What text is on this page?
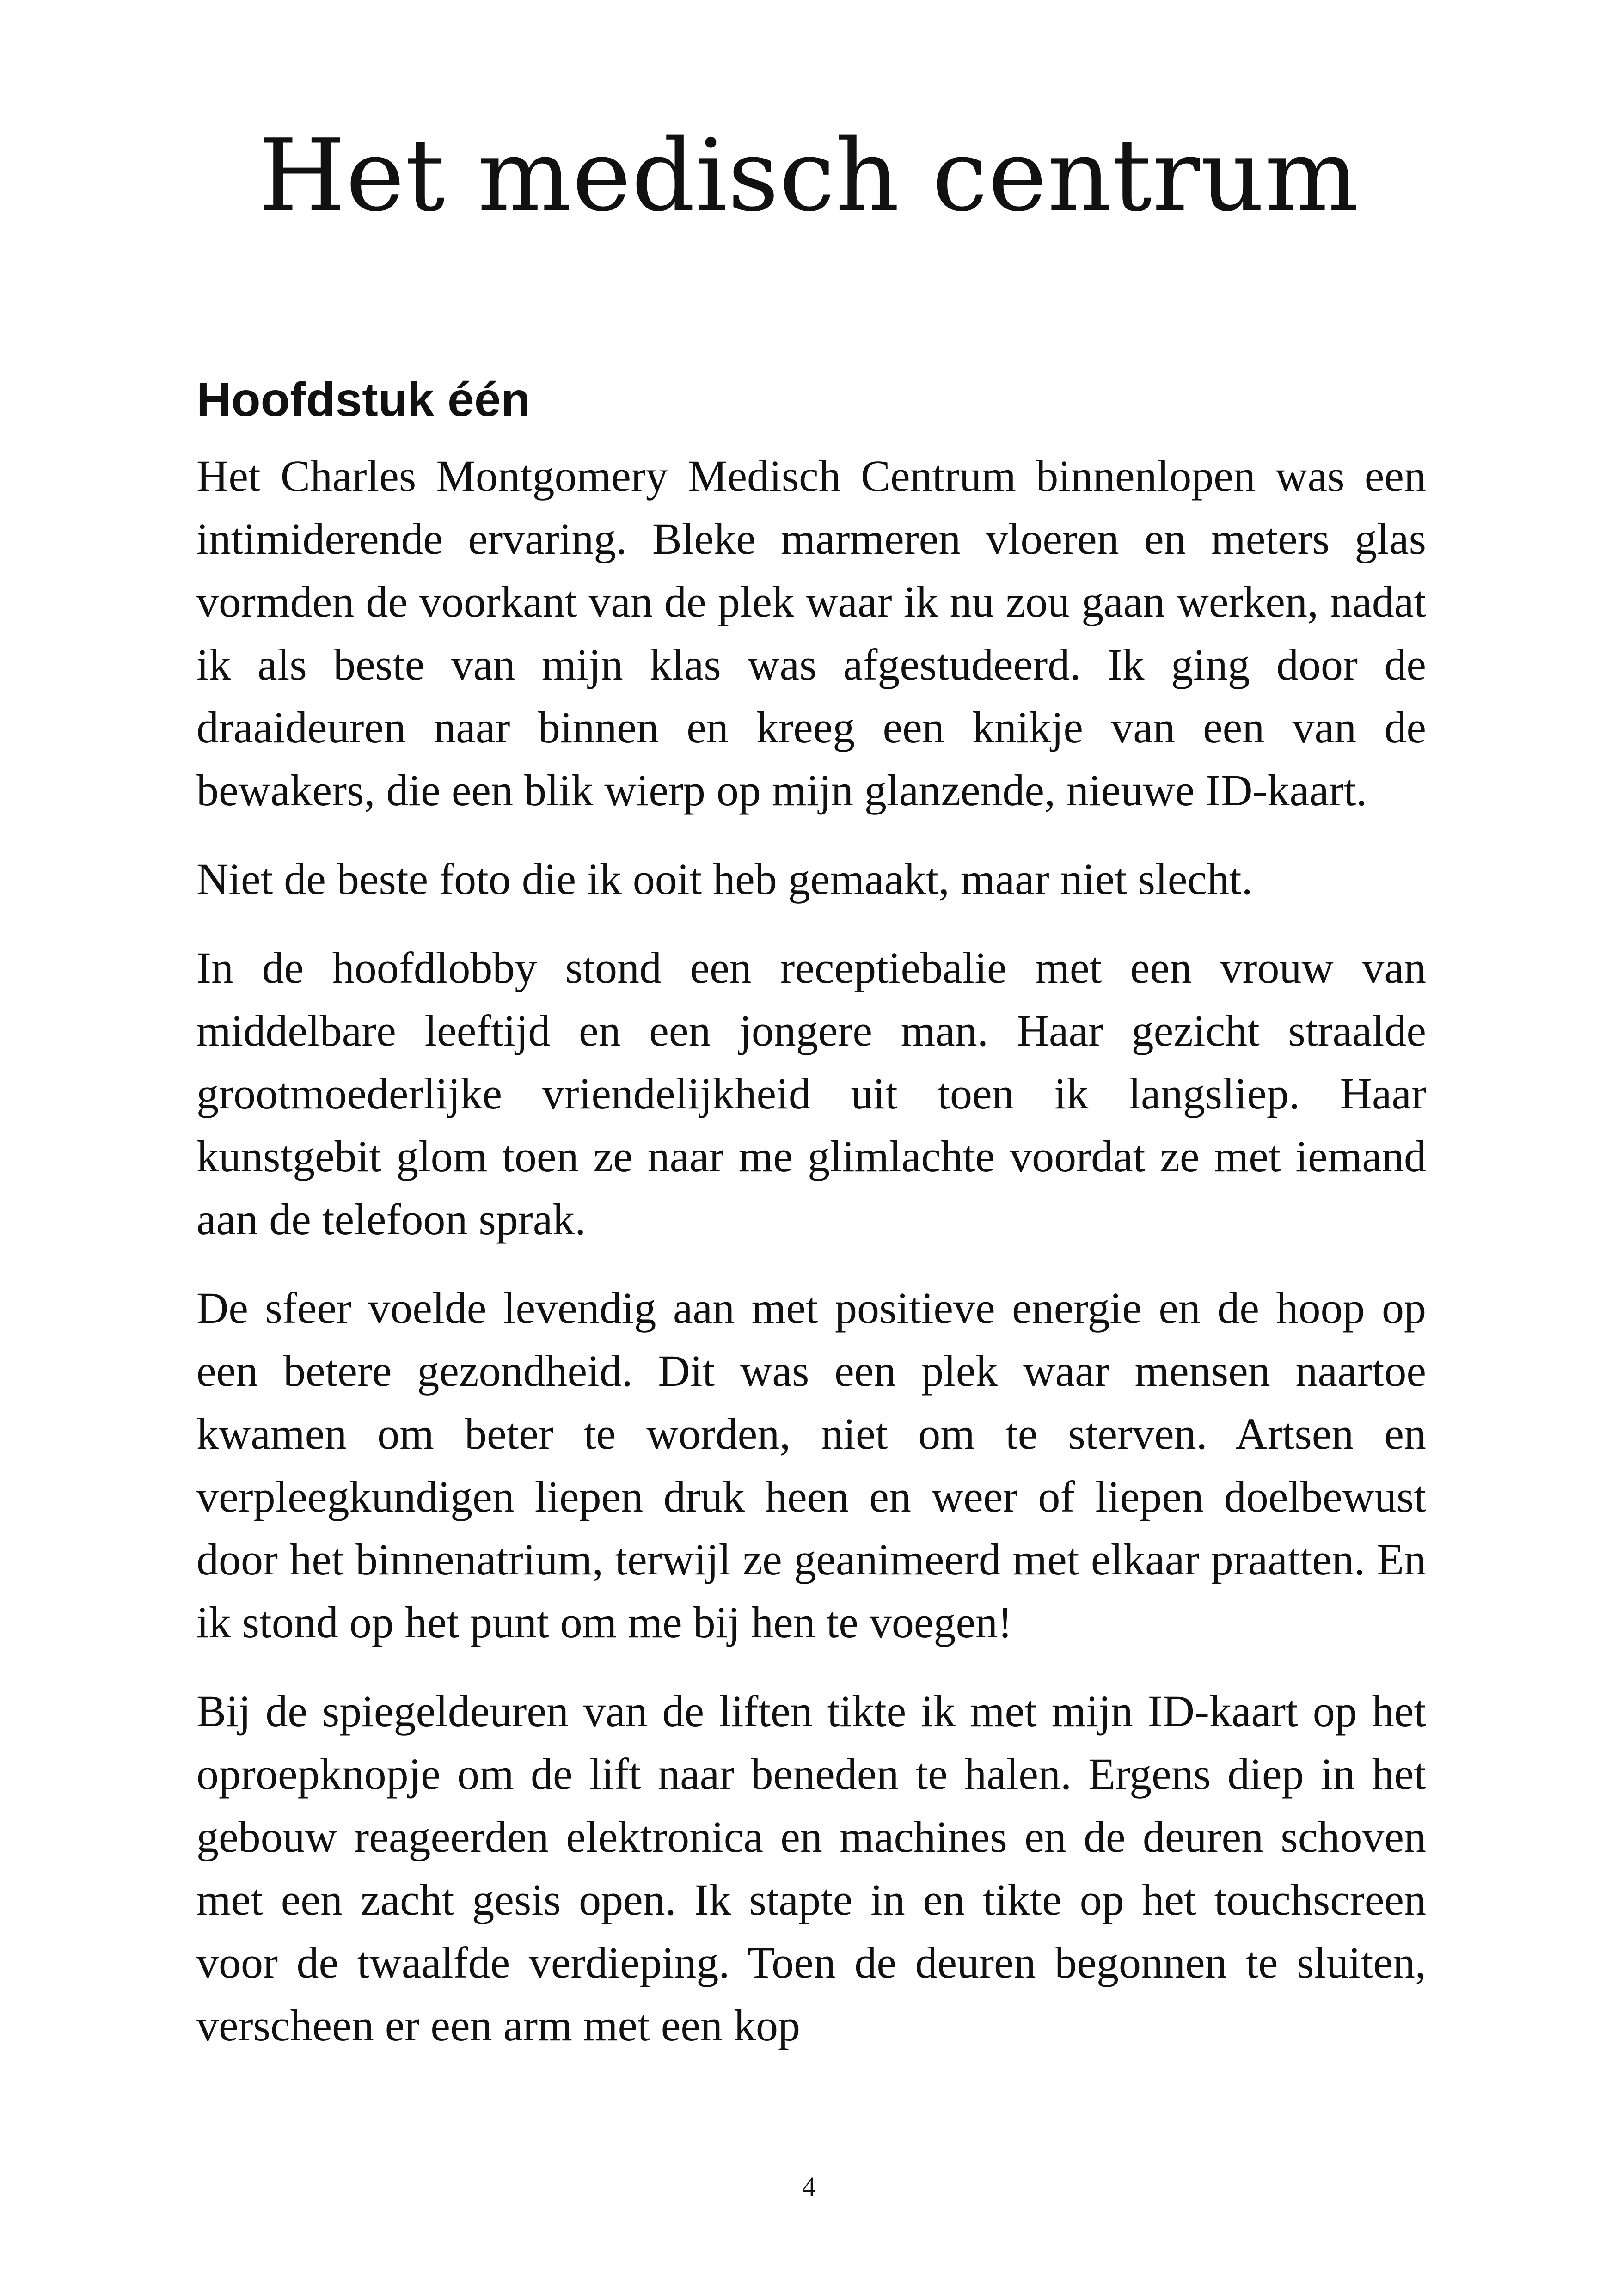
Het medisch centrum
Hoofdstuk één

Het Charles Montgomery Medisch Centrum binnenlopen was een intimiderende ervaring. Bleke marmeren vloeren en meters glas vormden de voorkant van de plek waar ik nu zou gaan werken, nadat ik als beste van mijn klas was afgestudeerd. Ik ging door de draaideuren naar binnen en kreeg een knikje van een van de bewakers, die een blik wierp op mijn glanzende, nieuwe ID-kaart.

Niet de beste foto die ik ooit heb gemaakt, maar niet slecht.

In de hoofdlobby stond een receptiebalie met een vrouw van middelbare leeftijd en een jongere man. Haar gezicht straalde grootmoederlijke vriendelijkheid uit toen ik langsliep. Haar kunstgebit glom toen ze naar me glimlachte voordat ze met iemand aan de telefoon sprak.

De sfeer voelde levendig aan met positieve energie en de hoop op een betere gezondheid. Dit was een plek waar mensen naartoe kwamen om beter te worden, niet om te sterven. Artsen en verpleegkundigen liepen druk heen en weer of liepen doelbewust door het binnenatrium, terwijl ze geanimeerd met elkaar praatten. En ik stond op het punt om me bij hen te voegen!

Bij de spiegeldeuren van de liften tikte ik met mijn ID-kaart op het oproepknopje om de lift naar beneden te halen. Ergens diep in het gebouw reageerden elektronica en machines en de deuren schoven met een zacht gesis open. Ik stapte in en tikte op het touchscreen voor de twaalfde verdieping. Toen de deuren begonnen te sluiten, verscheen er een arm met een kop

4
